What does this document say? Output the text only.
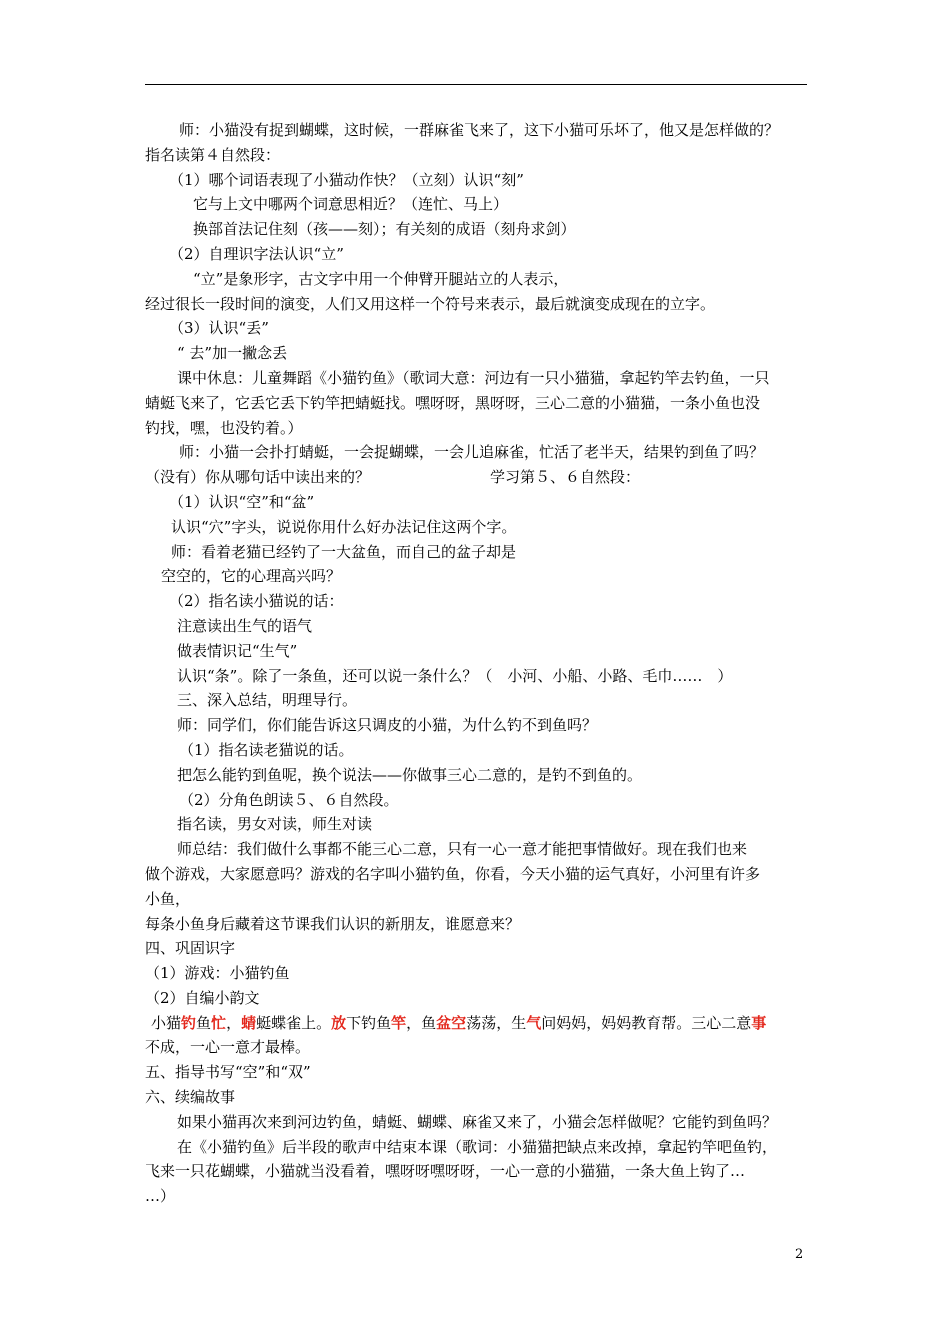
师：小猫没有捉到蝴蝶，这时候，一群麻雀飞来了，这下小猫可乐坏了，他又是怎样做的？
指名读第４自然段：
（1）哪个词语表现了小猫动作快？（立刻）认识“刻”
它与上文中哪两个词意思相近？（连忙、马上）
换部首法记住刻（孩——刻）；有关刻的成语（刻舟求剑）
（2）自理识字法认识“立”
“立”是象形字，古文字中用一个伸臂开腿站立的人表示，
经过很长一段时间的演变，人们又用这样一个符号来表示，最后就演变成现在的立字。
（3）认识“丢”
“ 去”加一撇念丢
课中休息：儿童舞蹈《小猫钓鱼》（歌词大意：河边有一只小猫猫，拿起钓竿去钓鱼，一只
蜻蜓飞来了，它丢它丢下钓竿把蜻蜓找。嘿呀呀，黑呀呀，三心二意的小猫猫，一条小鱼也没
钓找，嘿，也没钓着。）
师：小猫一会扑打蜻蜓，一会捉蝴蝶，一会儿追麻雀，忙活了老半天，结果钓到鱼了吗？
（没有）你从哪句话中读出来的？　　　　　　　　学习第５、６自然段：
（1）认识“空”和“盆”
认识“穴”字头，说说你用什么好办法记住这两个字。
师：看着老猫已经钓了一大盆鱼，而自己的盆子却是
空空的，它的心理高兴吗？
（2）指名读小猫说的话：
注意读出生气的语气
做表情识记“生气”
认识“条”。除了一条鱼，还可以说一条什么？（　小河、小船、小路、毛巾……　）
三、深入总结，明理导行。
师：同学们，你们能告诉这只调皮的小猫，为什么钓不到鱼吗？
（1）指名读老猫说的话。
把怎么能钓到鱼呢，换个说法——你做事三心二意的，是钓不到鱼的。
（2）分角色朗读５、６自然段。
指名读，男女对读，师生对读
师总结：我们做什么事都不能三心二意，只有一心一意才能把事情做好。现在我们也来
做个游戏，大家愿意吗？游戏的名字叫小猫钓鱼，你看，今天小猫的运气真好，小河里有许多
小鱼，
每条小鱼身后藏着这节课我们认识的新朋友，谁愿意来？
四、巩固识字
（1）游戏：小猫钓鱼
（2）自编小韵文
小猫钓鱼忙，蜻蜓蝶雀上。放下钓鱼竿，鱼盆空荡荡，生气问妈妈，妈妈教育帮。三心二意事
不成，一心一意才最棒。
五、指导书写“空”和“双”
六、续编故事
如果小猫再次来到河边钓鱼，蜻蜓、蝴蝶、麻雀又来了，小猫会怎样做呢？它能钓到鱼吗？
在《小猫钓鱼》后半段的歌声中结束本课（歌词：小猫猫把缺点来改掉，拿起钓竿吧鱼钓，
飞来一只花蝴蝶，小猫就当没看着，嘿呀呀嘿呀呀，一心一意的小猫猫，一条大鱼上钩了…
…）
2
